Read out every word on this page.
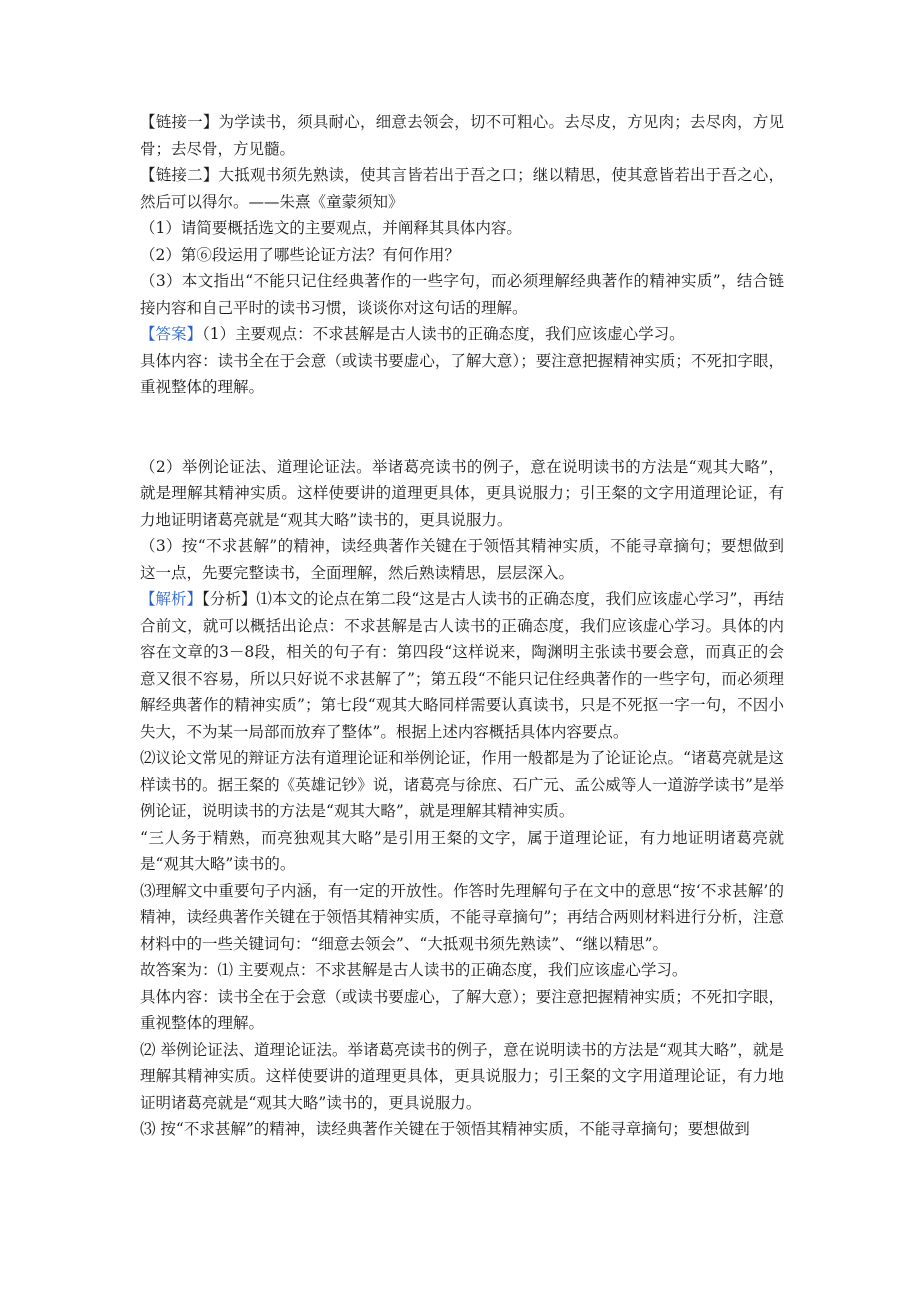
【链接一】为学读书，须具耐心，细意去领会，切不可粗心。去尽皮，方见肉；去尽肉，方见骨；去尽骨，方见髓。

【链接二】大抵观书须先熟读，使其言皆若出于吾之口；继以精思，使其意皆若出于吾之心，然后可以得尔。——朱熹《童蒙须知》

（1）请简要概括选文的主要观点，并阐释其具体内容。

（2）第⑥段运用了哪些论证方法？有何作用？

（3）本文指出“不能只记住经典著作的一些字句，而必须理解经典著作的精神实质”，结合链接内容和自己平时的读书习惯，谈谈你对这句话的理解。

【答案】（1）主要观点：不求甚解是古人读书的正确态度，我们应该虚心学习。

具体内容：读书全在于会意（或读书要虚心，了解大意）；要注意把握精神实质；不死扣字眼，重视整体的理解。

（2）举例论证法、道理论证法。举诸葛亮读书的例子，意在说明读书的方法是“观其大略”，就是理解其精神实质。这样使要讲的道理更具体，更具说服力；引王粲的文字用道理论证，有力地证明诸葛亮就是“观其大略”读书的，更具说服力。

（3）按“不求甚解”的精神，读经典著作关键在于领悟其精神实质，不能寻章摘句；要想做到这一点，先要完整读书，全面理解，然后熟读精思，层层深入。

【解析】【分析】⑴本文的论点在第二段“这是古人读书的正确态度，我们应该虚心学习”，再结合前文，就可以概括出论点：不求甚解是古人读书的正确态度，我们应该虚心学习。具体的内容在文章的3－8段，相关的句子有：第四段“这样说来，陶渊明主张读书要会意，而真正的会意又很不容易，所以只好说不求甚解了”；第五段“不能只记住经典著作的一些字句，而必须理解经典著作的精神实质”；第七段“观其大略同样需要认真读书，只是不死抠一字一句，不因小失大，不为某一局部而放弃了整体”。根据上述内容概括具体内容要点。

⑵议论文常见的辩证方法有道理论证和举例论证，作用一般都是为了论证论点。“诸葛亮就是这样读书的。据王粲的《英雄记钞》说，诸葛亮与徐庶、石广元、孟公威等人一道游学读书”是举例论证，说明读书的方法是“观其大略”，就是理解其精神实质。

“三人务于精熟，而亮独观其大略”是引用王粲的文字，属于道理论证，有力地证明诸葛亮就是“观其大略”读书的。

⑶理解文中重要句子内涵，有一定的开放性。作答时先理解句子在文中的意思“按‘不求甚解’的精神，读经典著作关键在于领悟其精神实质，不能寻章摘句”；再结合两则材料进行分析，注意材料中的一些关键词句：“细意去领会”、“大抵观书须先熟读”、“继以精思”。

故答案为：⑴ 主要观点：不求甚解是古人读书的正确态度，我们应该虚心学习。

具体内容：读书全在于会意（或读书要虚心，了解大意）；要注意把握精神实质；不死扣字眼，重视整体的理解。

⑵ 举例论证法、道理论证法。举诸葛亮读书的例子，意在说明读书的方法是“观其大略”，就是理解其精神实质。这样使要讲的道理更具体，更具说服力；引王粲的文字用道理论证，有力地证明诸葛亮就是“观其大略”读书的，更具说服力。

⑶ 按“不求甚解”的精神，读经典著作关键在于领悟其精神实质，不能寻章摘句；要想做到
